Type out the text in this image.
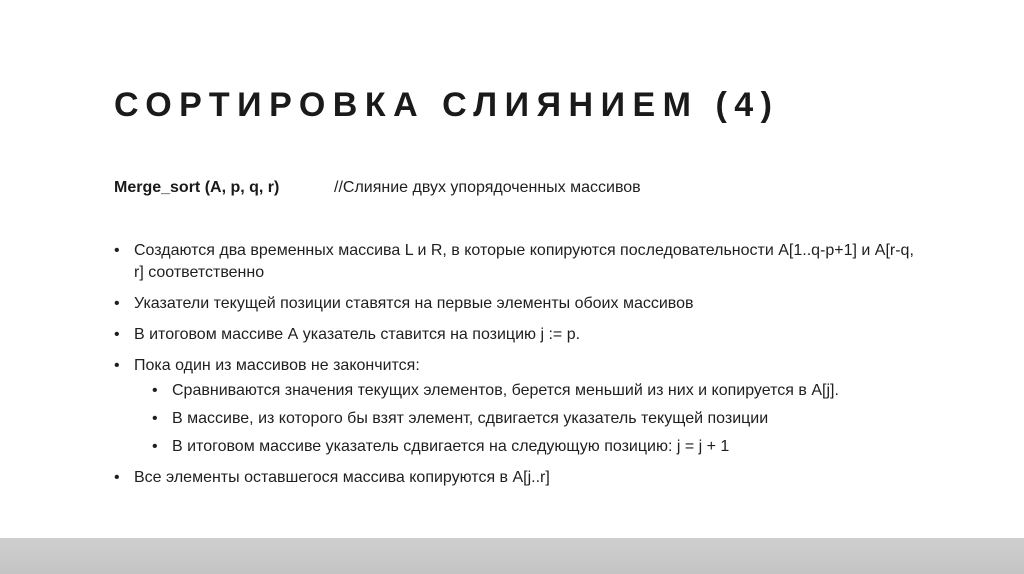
СОРТИРОВКА СЛИЯНИЕМ (4)
Merge_sort (A, p, q, r)	//Слияние двух упорядоченных массивов
• Создаются два временных массива L и R, в которые копируются последовательности A[1..q-p+1] и A[r-q, r] соответственно
• Указатели текущей позиции ставятся на первые элементы обоих массивов
• В итоговом массиве А указатель ставится на позицию j := p.
• Пока один из массивов не закончится:
• Сравниваются значения текущих элементов, берется меньший из них и копируется в A[j].
• В массиве, из которого бы взят элемент, сдвигается указатель текущей позиции
• В итоговом массиве указатель сдвигается на следующую позицию: j = j + 1
• Все элементы оставшегося массива копируются в A[j..r]
